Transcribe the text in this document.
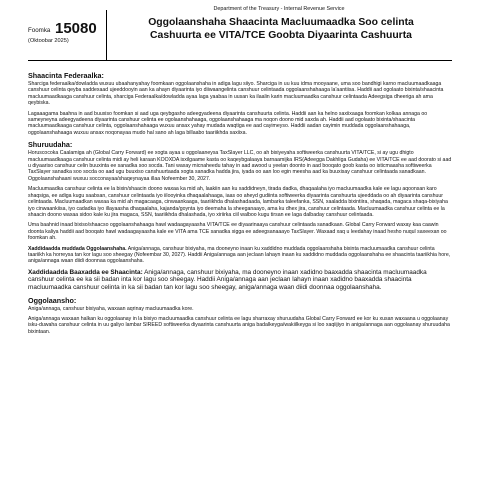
Foomka 15080
(Oktoobar 2025)
Department of the Treasury - Internal Revenue Service
Oggolaanshaha Shaacinta Macluumaadka Soo celinta
Cashuurta ee VITA/TCE Goobta Diyaarinta Cashuurta
Shaacinta Federaalka:

Sharciga federaalka/dowladda wuxuu ubaahanyahay foomkaan oggolaanshaha in adiga lagu siiyo. Sharciga in uu kuu idma mooyaane, uma soo bandhigi karno macluumaadkaaga canshuur celinta qeyba saddexaad ujeeddooyin aan ka ahayn diyaarinta iyo diiwaangelinta canshuur celintaada oggolaanshahaaga la'aantiisa. Haddii aad ogolaato bixinta/shaacinta macluumaadkaaga canshuur celinta, sharciga Federaalka/dowladda ayaa laga yaabaa in uusan ka ilaalin karin macluumaadka canshuur celintaada Adeegsiga dheeriga ah ama qeybiska.

Lagaaagama baahna in aad buuxiso foomkan si aad uga qeybgasho adeegyadeena diyaarinta canshuurta celinta. Haddii aan ka helno saxiixaaga foomkan kolkaa annaga oo sameyneyna adeegyadeena diyaarinta canshuur celinta ee ogolaanshahaaga, oggolaanshahaaga ma noqon doono mid saxda ah. Haddii aad ogolaato bixinta/shaacinta macluumaadkaaga canshuur celinta, oggolaanshahaaga wuxuu ansax yahay mudada waqtiga ee aad cayimeyso. Haddii aadan cayimin muddada oggolaanshahaaga, oggolaanshahaaga wuxuu ansax noqonayaa mudo hal sano ah laga billaabo taariikhda saxiixa.

Shuruudaha:

Horuscocoka Caalamiga ah (Global Carry Forward) ee xogta ayaa u oggolaaneysa TaxSlayer LLC, oo ah bixiyeyaha softiweerka canshuurta VITA/TCE, si ay ugu dhigto macluumaadkaaga canshuur celinta midi ay heli karaan KOOXDA isxilgaame kasta oo kaqeybgalaaya barnaamijka IRS(Adeegga Dakhliga Gudaha) ee VITA/TCE ee aad doorato si aad u diyaariso canshuur celin buuxinta ee sanadka soo socda. Tani waxay micnaheedu tahay in aad awood u yeelan doonto in aad booqato goob kasta oo isticmaasha softiweerka TaxSlayer sanadka soo socda oo aad ugu buuxiso canshuurtaada xogta sanadka hadda jira, iyada oo aan loo egin meesha aad ka buuxisay canshuur celintaada sanadkaan. Oggolaanshahaani wuxuu socconayaa/shaqeynayaa illaa Nofeember 30, 2027.

Macluumaadka canshuur celinta ee la bixin/shaacin doono waxaa ka mid ah, laakiin aan ku xaddidneyn, tirada dadka, dhaqaalaha iyo macluumaadka kale ee lagu aqoonsan karo shaqsiga, ee adiga kugu saabsan, canshuur celintaada iyo iilooyinka dhaqaalahaaga, iaas oo aheyd gudiinta softiweerka diyaarinta canshuurta ujeeddada oo ah diyaarinta canshuur celintaada. Macluumaadkan waxaa ka mid ah magacaaga, cinwaankaaga, taariikhda dhalashadaada, lambarka taleefanka, SSN, xaaladda bixintiira, shaqada, magaca shaqa-bixiyaha iyo cinwaankiisa, iyo cadadka iyo illayaasha dhaqaalaha, kajanda/goynta iyo deemaha la sheeganaayo, ama ku dhex jira, canshuur celintaada. Macluumaadka canshuur celinta ee la shaacin doono waxaa sidoo kale ku jira magaca, SSN, taariikhda dhalashada, iyo xiriirka ciil walboo kugu tirsan ee laga dalbaday canshuur celintaada.

Uma baahnid inaad bixiso/shaacso oggolaanshahaaga hawl wadaagayaasha VITA/TCE ee diyaarinaaya canshuur celintaada sanadkaan. Global Carry Forward waxay kaa caawin doonta kaliya haddii aad booqato hawl wadaagayaasha kale ee VITA ama TCE sanadka xigga ee adeegsanaaayo TaxSlayer. Waxaad xaq u leedahay inaad hesho nuqul saxeexan oo foomkan ah.

Xaddidaadda muddada Oggolaanshaha. Aniga/annaga, canshuur bixiyaha, ma dooneyno inaan ku xaddidno muddada oggolaanshaha bixinta macluumaadka canshuur celinta taariikh ka horreysa tan kor lagu soo sheegay (Nofeembar 30, 2027). Haddii Aniga/annaga aan jeclaan lahayn inaan ku xaddidno muddada oggolaanshaha ee shaacinta taariikhia hore, aniga/annaga waan diidi doonnaa oggolaanshaha.

Xaddidaadda Baaxadda ee Shaacinta: Aniga/annaga, canshuur bixiyaha, ma dooneyno inaan xadidno baaxadda shaacinta macluumaadka canshuur celinta ee ka sii badan inta kor lagu soo sheegay. Haddii Aniga/annaga aan jeclaan lahayn inaan xadidno baaxadda shaacinta macluumaadka canshuur celinta in ka sii badan tan kor lagu soo sheegay, aniga/annaga waan diidi doonnaa oggolaanshaha.

Oggolaansho:

Aniga/annaga, canshuur bixiyaha, waxaan aqrinay macluumaadka kore.

Aniga/annaga waxaan halkan ku oggolaanay in la bixiyo macluumaadka canshuur celinta ee lagu sharraxay shuruudaha Global Carry Forward ee kor ku xusan waxaana u oggolaanay isku-duwaha canshuur celinta in uu galiyo lambar SIREED softiweerka diyaarinta canshuurta aniga badalkeyga/wakiilkeyga si loo xaqiijiyo in aniga/annaga aan oggolaanay shuruudaha bixintaan.
